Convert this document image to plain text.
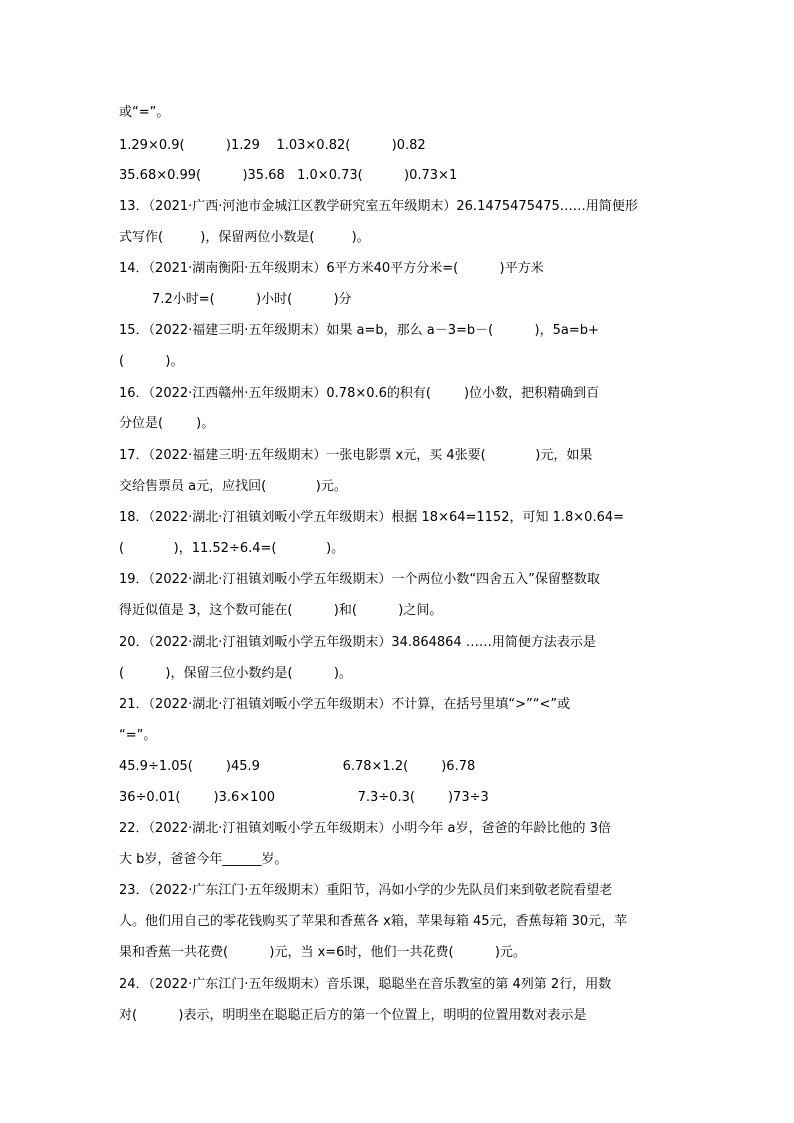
或“=”。
1.29×0.9(          )1.29    1.03×0.82(          )0.82
35.68×0.99(          )35.68   1.0×0.73(          )0.73×1
13．（2021·广西·河池市金城江区教学研究室五年级期末）26.1475475475……用简便形
式写作(         )，保留两位小数是(         )。
14．（2021·湖南衡阳·五年级期末）6平方米40平方分米=(          )平方米
7.2小时=(          )小时(          )分
15．（2022·福建三明·五年级期末）如果 a=b，那么 a－3=b－(          )，5a=b+
(          )。
16．（2022·江西赣州·五年级期末）0.78×0.6的积有(        )位小数，把积精确到百
分位是(        )。
17．（2022·福建三明·五年级期末）一张电影票 x元，买 4张要(            )元，如果
交给售票员 a元，应找回(            )元。
18．（2022·湖北·汀祖镇刘畈小学五年级期末）根据 18×64=1152，可知 1.8×0.64=
(            )，11.52÷6.4=(            )。
19．（2022·湖北·汀祖镇刘畈小学五年级期末）一个两位小数“四舍五入”保留整数取
得近似值是 3，这个数可能在(          )和(          )之间。
20．（2022·湖北·汀祖镇刘畈小学五年级期末）34.864864 ……用简便方法表示是
(          )，保留三位小数约是(          )。
21．（2022·湖北·汀祖镇刘畈小学五年级期末）不计算，在括号里填“>”“<”或
“=”。
45.9÷1.05(        )45.9                    6.78×1.2(        )6.78
36÷0.01(        )3.6×100                    7.3÷0.3(        )73÷3
22．（2022·湖北·汀祖镇刘畈小学五年级期末）小明今年 a岁，爸爸的年龄比他的 3倍
大 b岁，爸爸今年______岁。
23．（2022·广东江门·五年级期末）重阳节，冯如小学的少先队员们来到敬老院看望老
人。他们用自己的零花钱购买了苹果和香蕉各 x箱，苹果每箱 45元，香蕉每箱 30元，苹
果和香蕉一共花费(          )元，当 x=6时，他们一共花费(          )元。
24．（2022·广东江门·五年级期末）音乐课，聪聪坐在音乐教室的第 4列第 2行，用数
对(          )表示，明明坐在聪聪正后方的第一个位置上，明明的位置用数对表示是
